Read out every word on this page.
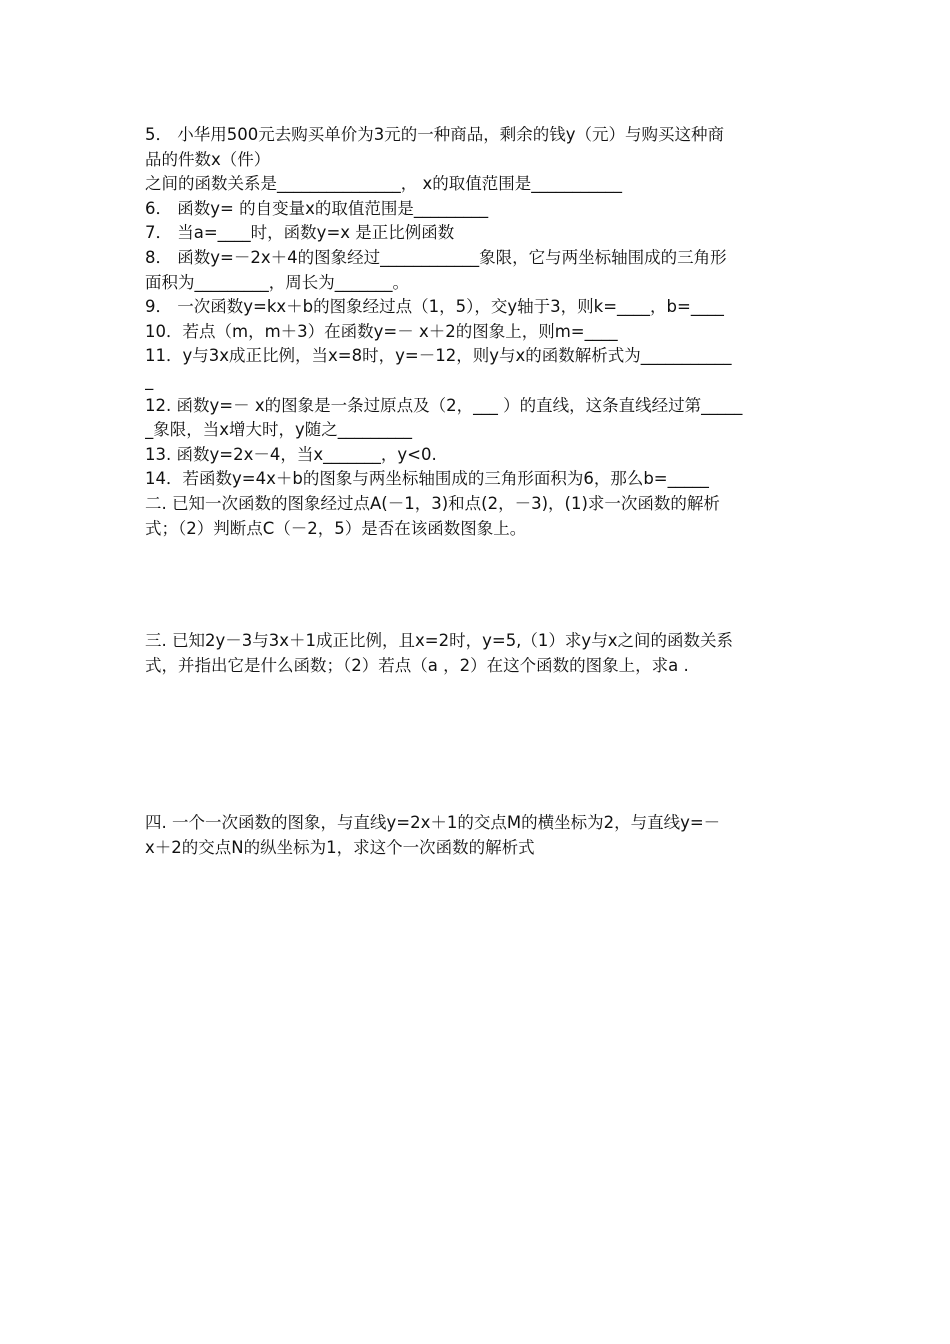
5． 小华用500元去购买单价为3元的一种商品，剩余的钱y（元）与购买这种商
品的件数x（件）
之间的函数关系是_______________， x的取值范围是___________
6． 函数y= 的自变量x的取值范围是_________
7． 当a=____时，函数y=x 是正比例函数
8． 函数y=－2x＋4的图象经过____________象限，它与两坐标轴围成的三角形
面积为_________，周长为_______。
9． 一次函数y=kx＋b的图象经过点（1，5），交y轴于3，则k=____，b=____
10．若点（m，m＋3）在函数y=－ x＋2的图象上，则m=____
11．y与3x成正比例，当x=8时，y=－12，则y与x的函数解析式为___________
_
12. 函数y=－ x的图象是一条过原点及（2，___ ）的直线，这条直线经过第_____
_象限，当x增大时，y随之_________
13. 函数y=2x－4，当x_______，y<0.
14．若函数y=4x＋b的图象与两坐标轴围成的三角形面积为6，那么b=_____
二. 已知一次函数的图象经过点A(－1，3)和点(2，－3)，(1)求一次函数的解析
式；（2）判断点C（－2，5）是否在该函数图象上。
三. 已知2y－3与3x＋1成正比例，且x=2时，y=5,（1）求y与x之间的函数关系
式，并指出它是什么函数；（2）若点（a ，2）在这个函数的图象上，求a .
四. 一个一次函数的图象，与直线y=2x＋1的交点M的横坐标为2，与直线y=－
x＋2的交点N的纵坐标为1，求这个一次函数的解析式
